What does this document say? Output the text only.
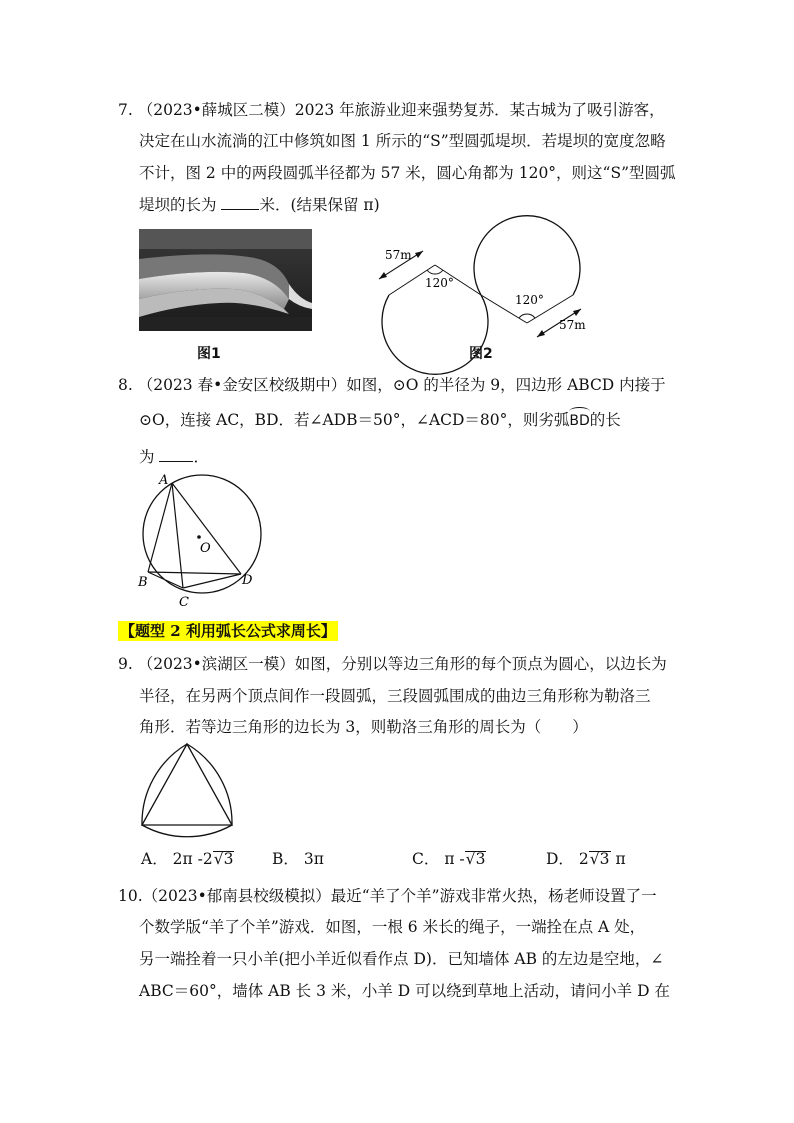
7. （2023•薛城区二模）2023 年旅游业迎来强势复苏．某古城为了吸引游客，
决定在山水流淌的江中修筑如图 1 所示的“S”型圆弧堤坝．若堤坝的宽度忽略
不计，图 2 中的两段圆弧半径都为 57 米，圆心角都为 120°，则这“S”型圆弧
堤坝的长为	米．(结果保留 π)
图1
57m
120°
120°
57m
图2
8. （2023 春•金安区校级期中）如图，⊙O 的半径为 9，四边形 ABCD 内接于
⊙O，连接 AC，BD．若∠ADB＝50°，∠ACD＝80°，则劣弧BD的长
为	．
A
B
C
D
O
【题型 2 利用弧长公式求周长】
9. （2023•滨湖区一模）如图，分别以等边三角形的每个顶点为圆心，以边长为
半径，在另两个顶点间作一段圆弧，三段圆弧围成的曲边三角形称为勒洛三
角形．若等边三角形的边长为 3，则勒洛三角形的周长为（　　）
A． 2π -2√3 B． 3π	C． π -√3	D． 2√3 π
10.（2023•郁南县校级模拟）最近“羊了个羊”游戏非常火热，杨老师设置了一
个数学版“羊了个羊”游戏．如图，一根 6 米长的绳子，一端拴在点 A 处，
另一端拴着一只小羊(把小羊近似看作点 D)．已知墙体 AB 的左边是空地，∠
ABC＝60°，墙体 AB 长 3 米，小羊 D 可以绕到草地上活动，请问小羊 D 在
